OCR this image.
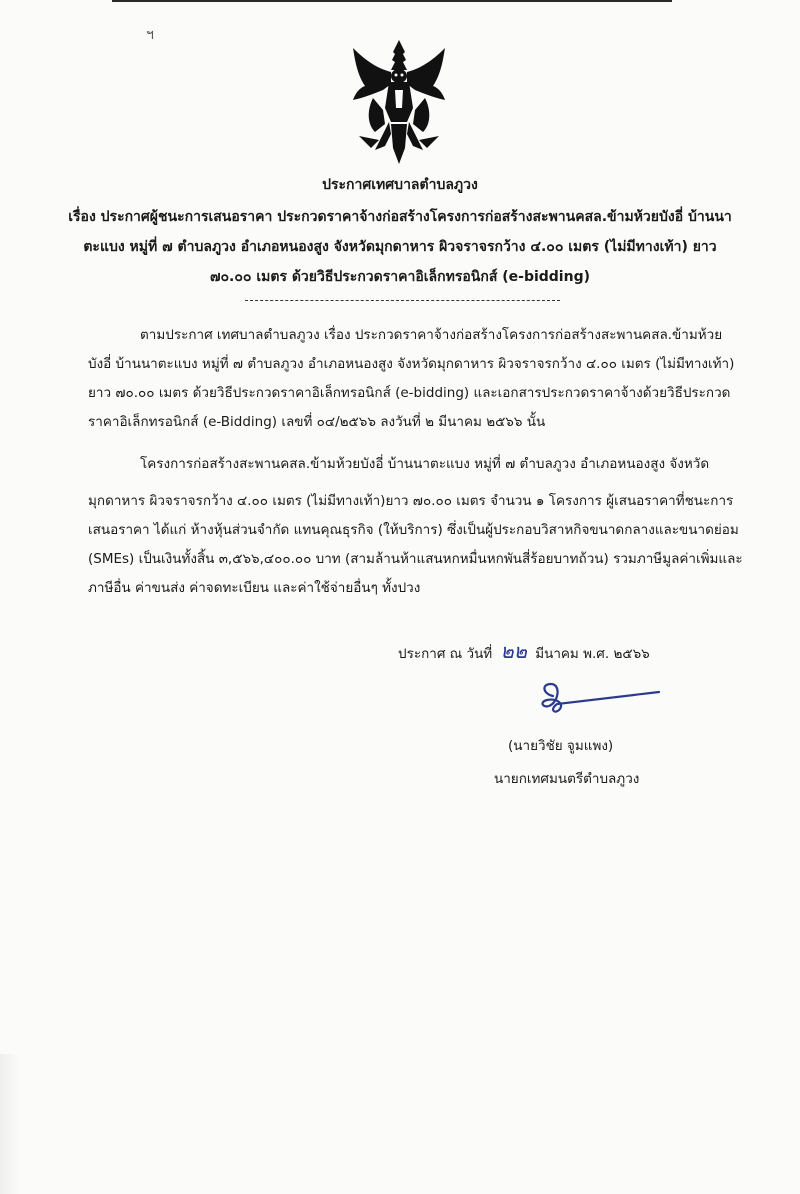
ฯ
ประกาศเทศบาลตำบลภูวง
เรื่อง ประกาศผู้ชนะการเสนอราคา ประกวดราคาจ้างก่อสร้างโครงการก่อสร้างสะพานคสล.ข้ามห้วยบังอี่ บ้านนา
ตะแบง หมู่ที่ ๗ ตำบลภูวง อำเภอหนองสูง จังหวัดมุกดาหาร ผิวจราจรกว้าง ๔.๐๐ เมตร (ไม่มีทางเท้า) ยาว
๗๐.๐๐ เมตร ด้วยวิธีประกวดราคาอิเล็กทรอนิกส์ (e-bidding)
ตามประกาศ เทศบาลตำบลภูวง เรื่อง ประกวดราคาจ้างก่อสร้างโครงการก่อสร้างสะพานคสล.ข้ามห้วย
บังอี่ บ้านนาตะแบง หมู่ที่ ๗ ตำบลภูวง อำเภอหนองสูง จังหวัดมุกดาหาร ผิวจราจรกว้าง ๔.๐๐ เมตร (ไม่มีทางเท้า)
ยาว ๗๐.๐๐ เมตร ด้วยวิธีประกวดราคาอิเล็กทรอนิกส์ (e-bidding) และเอกสารประกวดราคาจ้างด้วยวิธีประกวด
ราคาอิเล็กทรอนิกส์ (e-Bidding) เลขที่ ๐๔/๒๕๖๖ ลงวันที่ ๒ มีนาคม ๒๕๖๖ นั้น
โครงการก่อสร้างสะพานคสล.ข้ามห้วยบังอี่ บ้านนาตะแบง หมู่ที่ ๗ ตำบลภูวง อำเภอหนองสูง จังหวัด
มุกดาหาร ผิวจราจรกว้าง ๔.๐๐ เมตร (ไม่มีทางเท้า)ยาว ๗๐.๐๐ เมตร จำนวน ๑ โครงการ ผู้เสนอราคาที่ชนะการ
เสนอราคา ได้แก่ ห้างหุ้นส่วนจำกัด แทนคุณธุรกิจ (ให้บริการ) ซึ่งเป็นผู้ประกอบวิสาหกิจขนาดกลางและขนาดย่อม
(SMEs) เป็นเงินทั้งสิ้น ๓,๕๖๖,๔๐๐.๐๐ บาท (สามล้านห้าแสนหกหมื่นหกพันสี่ร้อยบาทถ้วน) รวมภาษีมูลค่าเพิ่มและ
ภาษีอื่น ค่าขนส่ง ค่าจดทะเบียน และค่าใช้จ่ายอื่นๆ ทั้งปวง
ประกาศ ณ วันที่ ๒๒ มีนาคม พ.ศ. ๒๕๖๖
(นายวิชัย จูมแพง)
นายกเทศมนตรีตำบลภูวง
